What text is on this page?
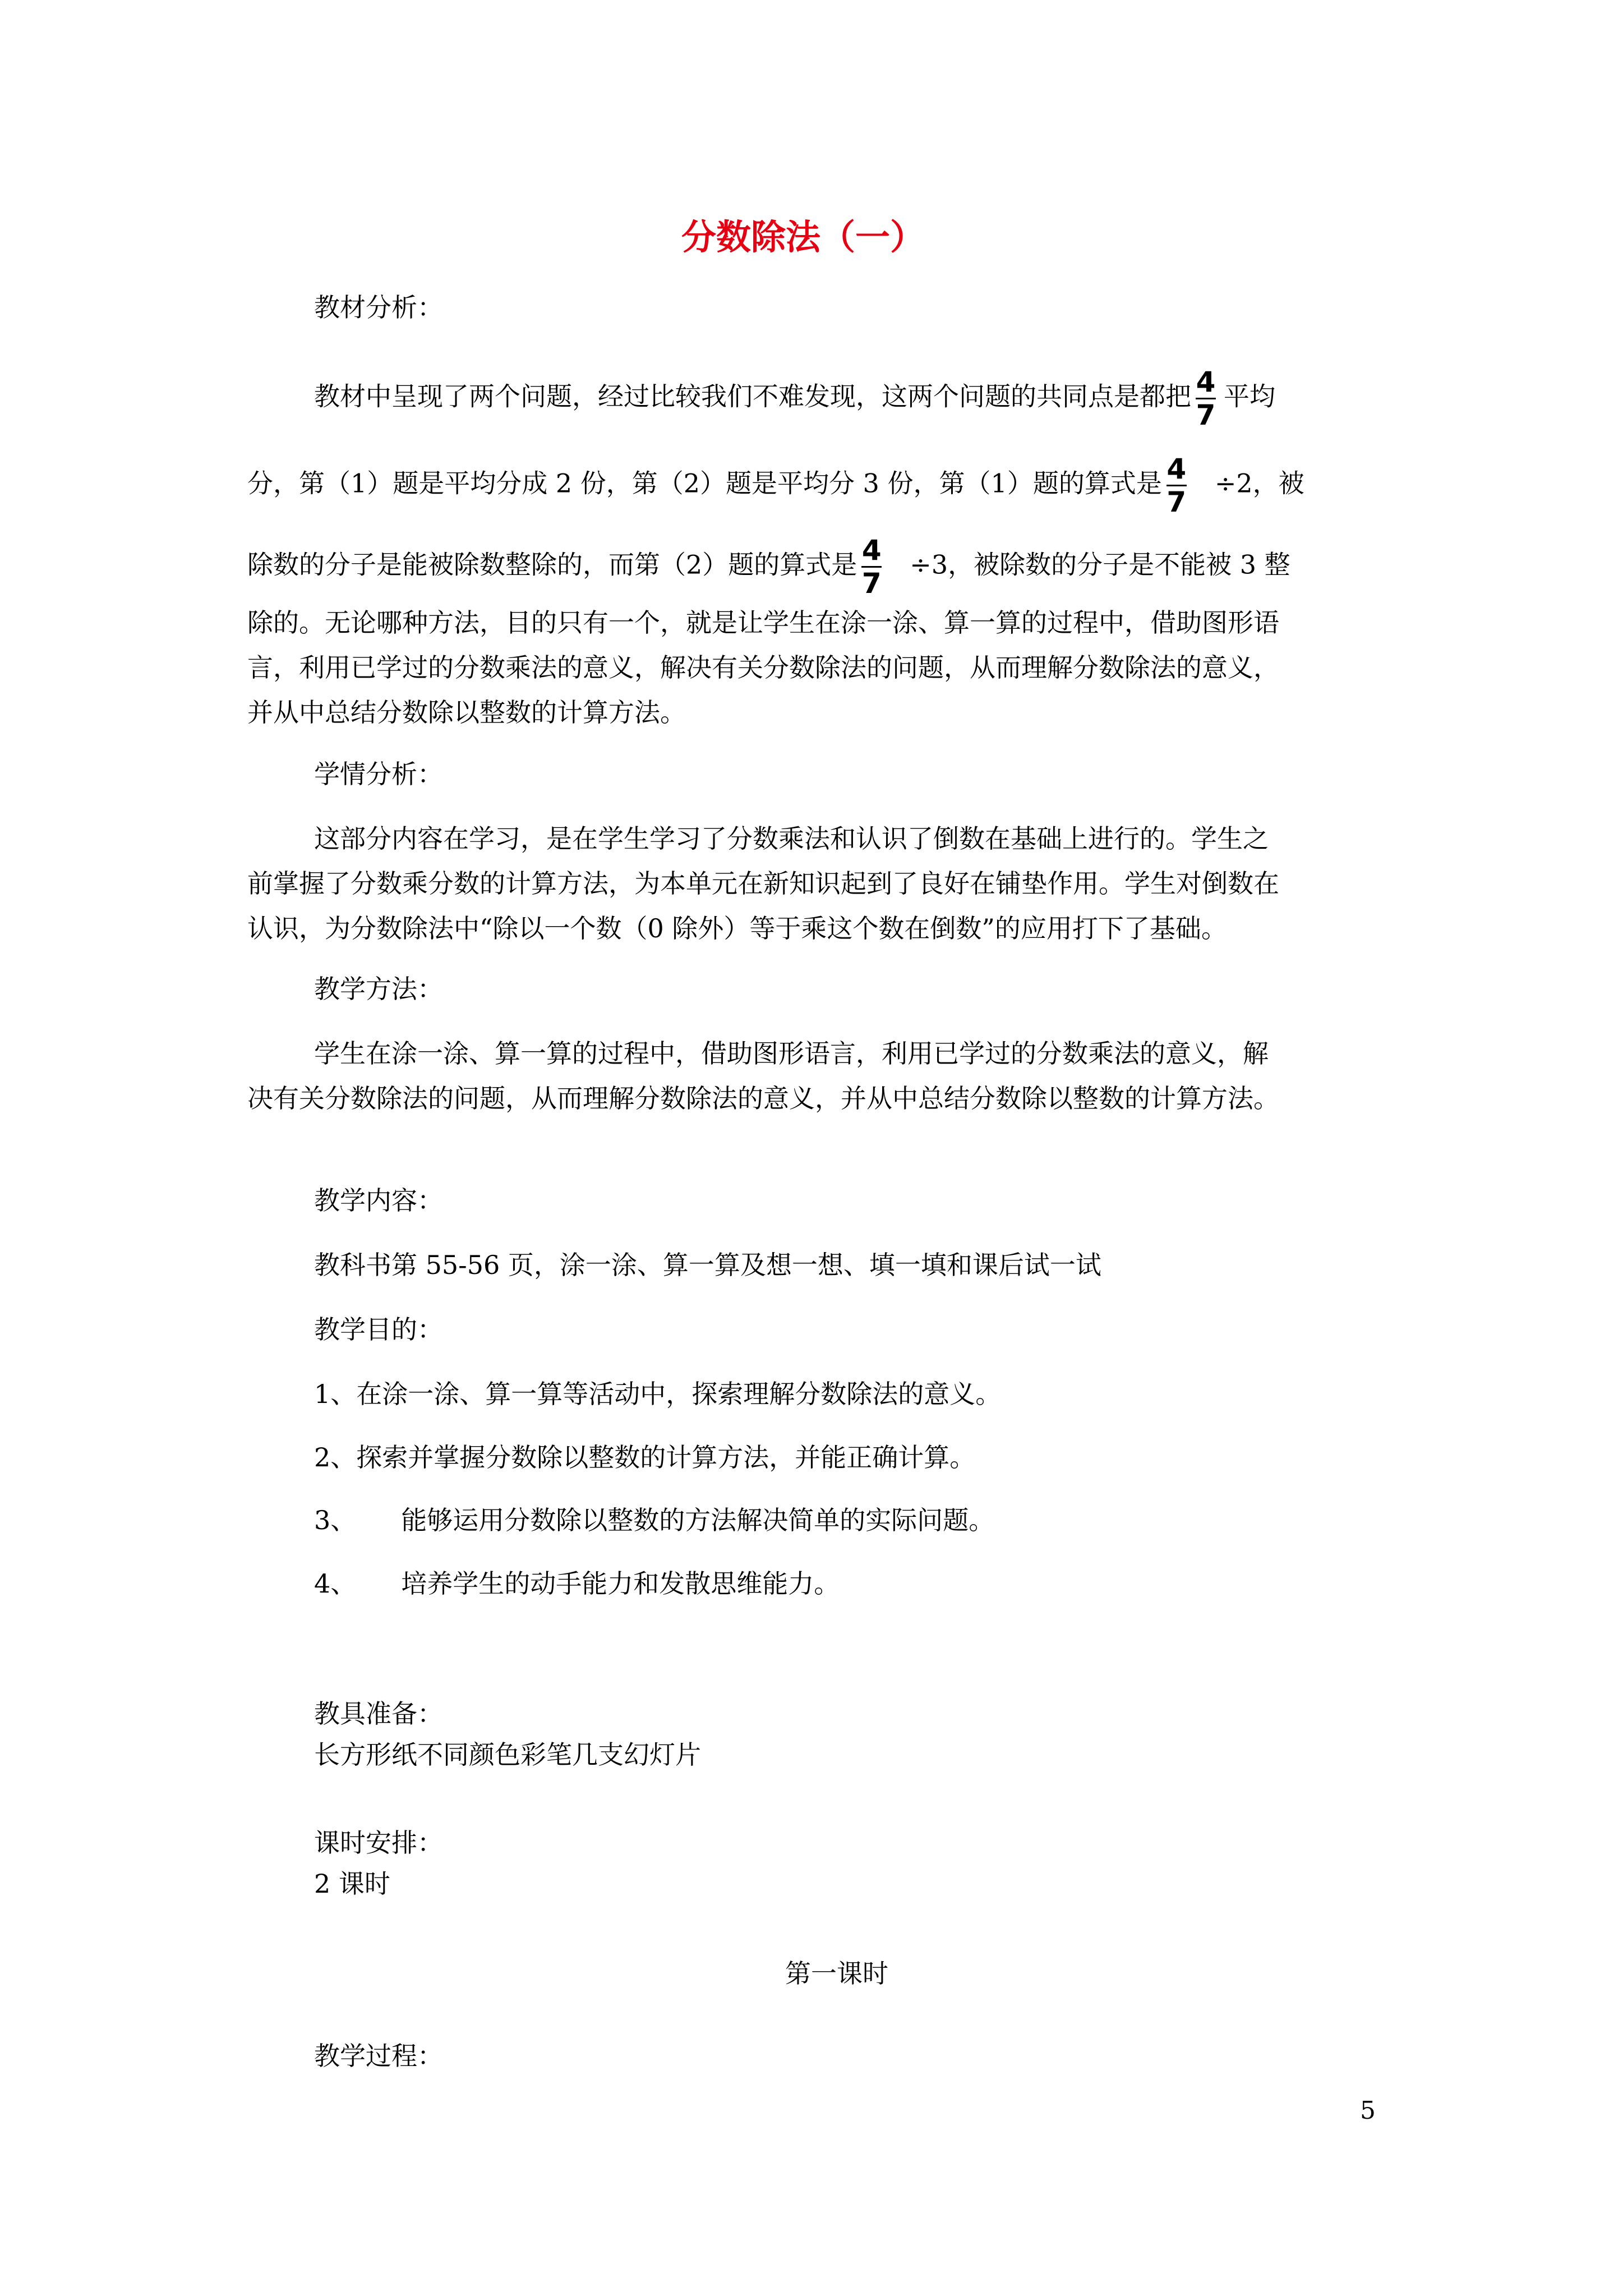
分数除法（一）

教材分析：

教材中呈现了两个问题，经过比较我们不难发现，这两个问题的共同点是都把 $\frac{4}{7}$ 平均

分，第（1）题是平均分成 2 份，第（2）题是平均分 3 份，第（1）题的算式是 $\frac{4}{7} \div 2$，被

除数的分子是能被除数整除的，而第（2）题的算式是 $\frac{4}{7} \div 3$，被除数的分子是不能被 3 整

除的。无论哪种方法，目的只有一个，就是让学生在涂一涂、算一算的过程中，借助图形语

言，利用已学过的分数乘法的意义，解决有关分数除法的问题，从而理解分数除法的意义，

并从中总结分数除以整数的计算方法。

学情分析：

这部分内容在学习，是在学生学习了分数乘法和认识了倒数在基础上进行的。学生之

前掌握了分数乘分数的计算方法，为本单元在新知识起到了良好在铺垫作用。学生对倒数在

认识，为分数除法中“除以一个数（0 除外）等于乘这个数在倒数”的应用打下了基础。

教学方法：

学生在涂一涂、算一算的过程中，借助图形语言，利用已学过的分数乘法的意义，解

决有关分数除法的问题，从而理解分数除法的意义，并从中总结分数除以整数的计算方法。

教学内容：

教科书第 55-56 页，涂一涂、算一算及想一想、填一填和课后试一试

教学目的：

1、在涂一涂、算一算等活动中，探索理解分数除法的意义。

2、探索并掌握分数除以整数的计算方法，并能正确计算。

3、 能够运用分数除以整数的方法解决简单的实际问题。

4、 培养学生的动手能力和发散思维能力。

教具准备：

长方形纸不同颜色彩笔几支幻灯片

课时安排：

2 课时

第一课时

教学过程：

5
